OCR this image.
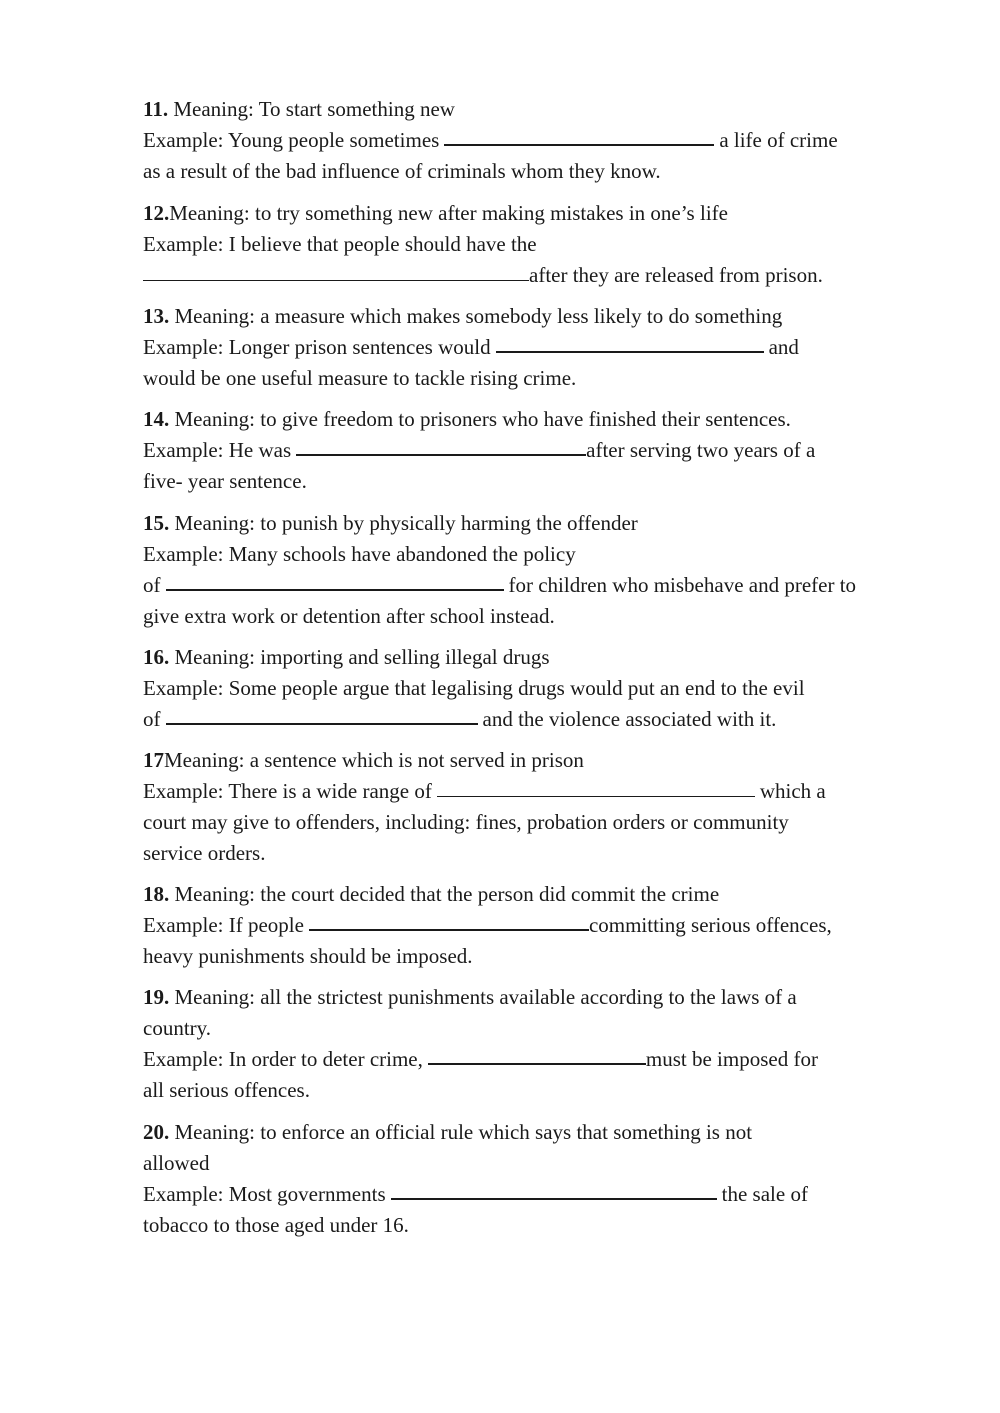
11. Meaning: To start something new
Example: Young people sometimes	a life of crime
as a result of the bad influence of criminals whom they know.
12.Meaning: to try something new after making mistakes in one’s life
Example: I believe that people should have the
after they are released from prison.
13. Meaning: a measure which makes somebody less likely to do something
Example: Longer prison sentences would	and
would be one useful measure to tackle rising crime.
14. Meaning: to give freedom to prisoners who have finished their sentences.
Example: He was	after serving two years of a
five- year sentence.
15. Meaning: to punish by physically harming the offender
Example: Many schools have abandoned the policy
of	for children who misbehave and prefer to
give extra work or detention after school instead.
16. Meaning: importing and selling illegal drugs
Example: Some people argue that legalising drugs would put an end to the evil
of	and the violence associated with it.
17Meaning: a sentence which is not served in prison
Example: There is a wide range of	which a
court may give to offenders, including: fines, probation orders or community
service orders.
18. Meaning: the court decided that the person did commit the crime
Example: If people	committing serious offences,
heavy punishments should be imposed.
19. Meaning: all the strictest punishments available according to the laws of a
country.
Example: In order to deter crime,	must be imposed for
all serious offences.
20. Meaning: to enforce an official rule which says that something is not
allowed
Example: Most governments	the sale of
tobacco to those aged under 16.
